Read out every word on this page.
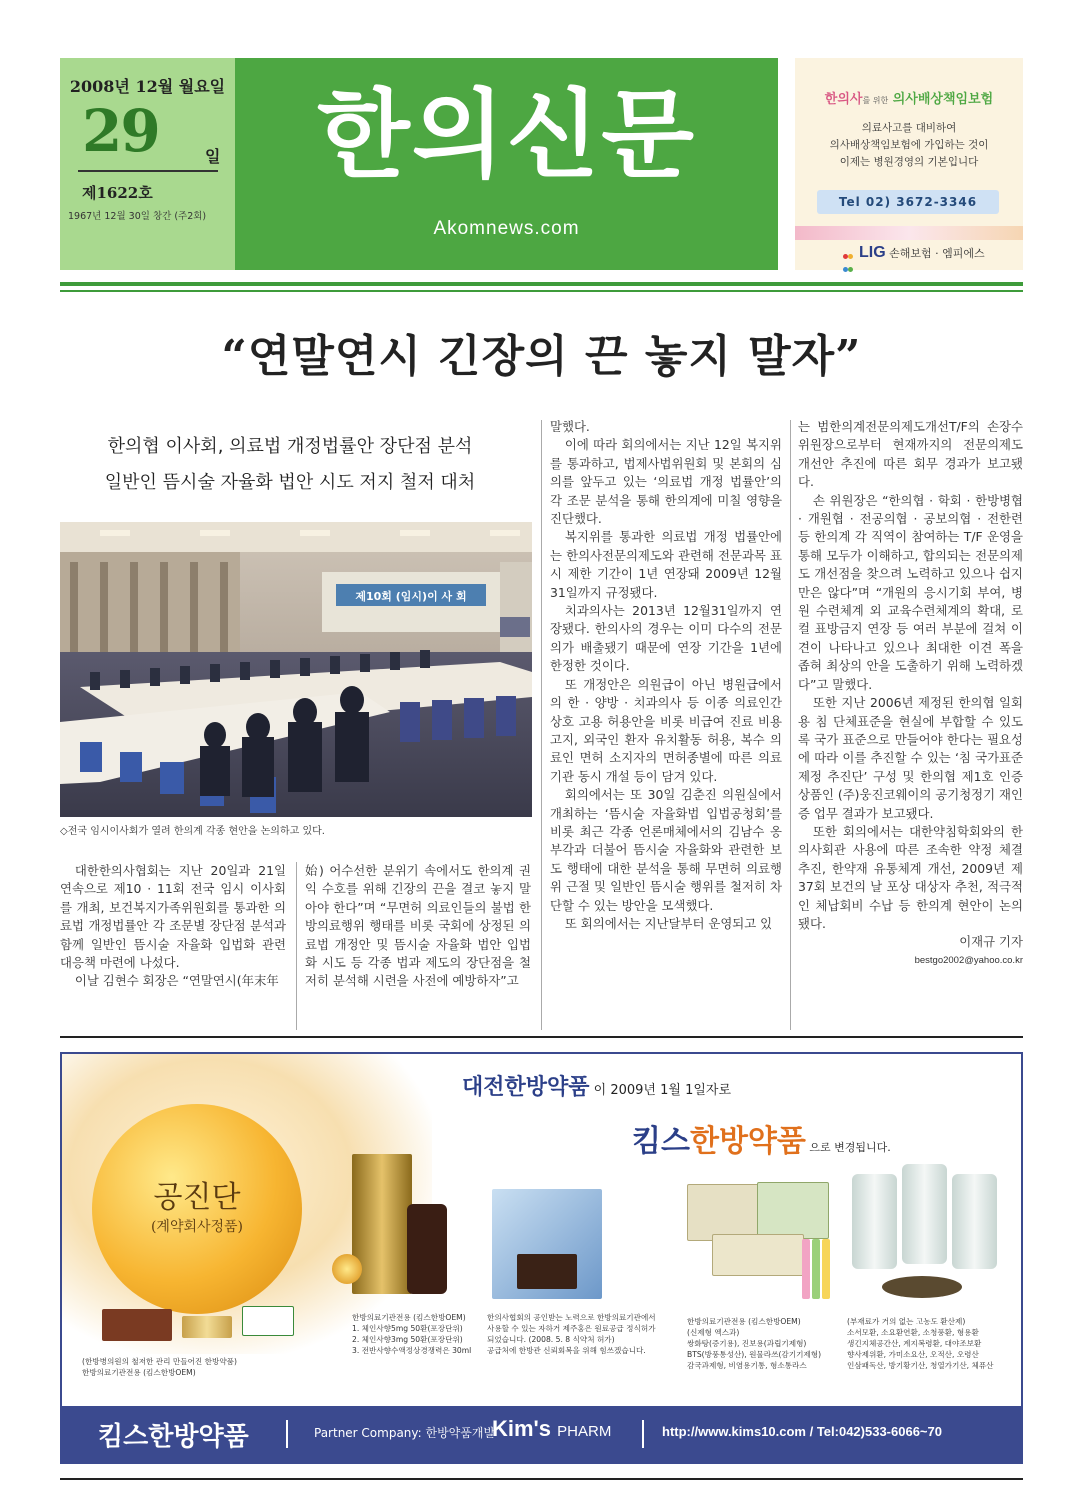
2008년 12월 월요일
29	일
제1622호
1967년 12월 30일 창간 (주2회)
한의신문
Akomnews.com
한의사를 위한 의사배상책임보험
의료사고를 대비하여
의사배상책임보험에 가입하는 것이
이제는 병원경영의 기본입니다
Tel 02) 3672-3346

LIG 손해보험 · 엠피에스
“연말연시 긴장의 끈 놓지 말자”
한의협 이사회, 의료법 개정법률안 장단점 분석
일반인 뜸시술 자율화 법안 시도 저지 철저 대처
제10회 (임시)이 사 회
◇전국 임시이사회가 열려 한의계 각종 현안을 논의하고 있다.

대한한의사협회는 지난 20일과 21일 연속으로 제10 · 11회 전국 임시 이사회를 개최, 보건복지가족위원회를 통과한 의료법 개정법률안 각 조문별 장단점 분석과 함께 일반인 뜸시술 자율화 입법화 관련 대응책 마련에 나섰다.

이날 김현수 회장은 “연말연시(年末年

始) 어수선한 분위기 속에서도 한의계 권익 수호를 위해 긴장의 끈을 결코 놓지 말아야 한다”며 “무면허 의료인들의 불법 한방의료행위 행태를 비롯 국회에 상정된 의료법 개정안 및 뜸시술 자율화 법안 입법화 시도 등 각종 법과 제도의 장단점을 철저히 분석해 시련을 사전에 예방하자”고

말했다.

이에 따라 회의에서는 지난 12일 복지위를 통과하고, 법제사법위원회 및 본회의 심의를 앞두고 있는 ‘의료법 개정 법률안’의 각 조문 분석을 통해 한의계에 미칠 영향을 진단했다.

복지위를 통과한 의료법 개정 법률안에는 한의사전문의제도와 관련해 전문과목 표시 제한 기간이 1년 연장돼 2009년 12월 31일까지 규정됐다.

치과의사는 2013년 12월31일까지 연장됐다. 한의사의 경우는 이미 다수의 전문의가 배출됐기 때문에 연장 기간을 1년에 한정한 것이다.

또 개정안은 의원급이 아닌 병원급에서의 한 · 양방 · 치과의사 등 이종 의료인간 상호 고용 허용안을 비롯 비급여 진료 비용 고지, 외국인 환자 유치활동 허용, 복수 의료인 면허 소지자의 면허종별에 따른 의료기관 동시 개설 등이 담겨 있다.

회의에서는 또 30일 김춘진 의원실에서 개최하는 ‘뜸시술 자율화법 입법공청회’를 비롯 최근 각종 언론매체에서의 김남수 옹 부각과 더불어 뜸시술 자율화와 관련한 보도 행태에 대한 분석을 통해 무면허 의료행위 근절 및 일반인 뜸시술 행위를 철저히 차단할 수 있는 방안을 모색했다.

또 회의에서는 지난달부터 운영되고 있

는 범한의계전문의제도개선T/F의 손장수 위원장으로부터 현재까지의 전문의제도 개선안 추진에 따른 회무 경과가 보고됐다.

손 위원장은 “한의협 · 학회 · 한방병협 · 개원협 · 전공의협 · 공보의협 · 전한련 등 한의계 각 직역이 참여하는 T/F 운영을 통해 모두가 이해하고, 합의되는 전문의제도 개선점을 찾으려 노력하고 있으나 쉽지만은 않다”며 “개원의 응시기회 부여, 병원 수련체계 외 교육수련체계의 확대, 로컬 표방금지 연장 등 여러 부분에 걸쳐 이견이 나타나고 있으나 최대한 이견 폭을 좁혀 최상의 안을 도출하기 위해 노력하겠다”고 말했다.

또한 지난 2006년 제정된 한의협 일회용 침 단체표준을 현실에 부합할 수 있도록 국가 표준으로 만들어야 한다는 필요성에 따라 이를 추진할 수 있는 ‘침 국가표준 제정 추진단’ 구성 및 한의협 제1호 인증상품인 (주)웅진코웨이의 공기청정기 재인증 업무 결과가 보고됐다.

또한 회의에서는 대한약침학회와의 한의사회관 사용에 따른 조속한 약정 체결 추진, 한약재 유통체계 개선, 2009년 제37회 보건의 날 포상 대상자 추천, 적극적인 체납회비 수납 등 한의계 현안이 논의됐다.

이재규 기자

bestgo2002@yahoo.co.kr

공진단
(계약회사정품)
대전한방약품 이 2009년 1월 1일자로
킴스한방약품 으로 변경됩니다.
(한방병의원의 철저한 관리 만들어진 한방약품)
한방의료기관전용 (킴스한방OEM)
한방의료기관전용 (킴스한방OEM)
1. 체인사향5mg 50환(포장단위)
2. 체인사향3mg 50환(포장단위)
3. 전반사향수액정상경쟁력은 30ml
한의사협회의 공인받는 노력으로 한방의료기관에서
사용할 수 있는 자하거 제주홍은 원료공급 정식허가
되었습니다. (2008. 5. 8 식약처 허가)
공급처에 한방관 신뢰회복을 위해 힘쓰겠습니다.
한방의료기관전용 (킴스한방OEM)
(신제형 엑스과)
쌍화탕(증기용), 진보용(과립기제형)
BTS(방풍통성산), 원물라쓰(감기기제형)
감국과제형, 비염용기통, 형소통라스
(부재료가 거의 없는 고농도 환산제)
소서모환, 소요환연환, 소청풍환, 형용환
생긴지체공간산, 계지복령환, 대야조보환
향사제위환, 가미소요산, 오적산, 오령산
인삼패독산, 방기황기산, 청열가기산, 체퓨산
킴스한방약품	Partner Company: 한방약품개발
Kim's PHARM	http://www.kims10.com / Tel:042)533-6066~70
